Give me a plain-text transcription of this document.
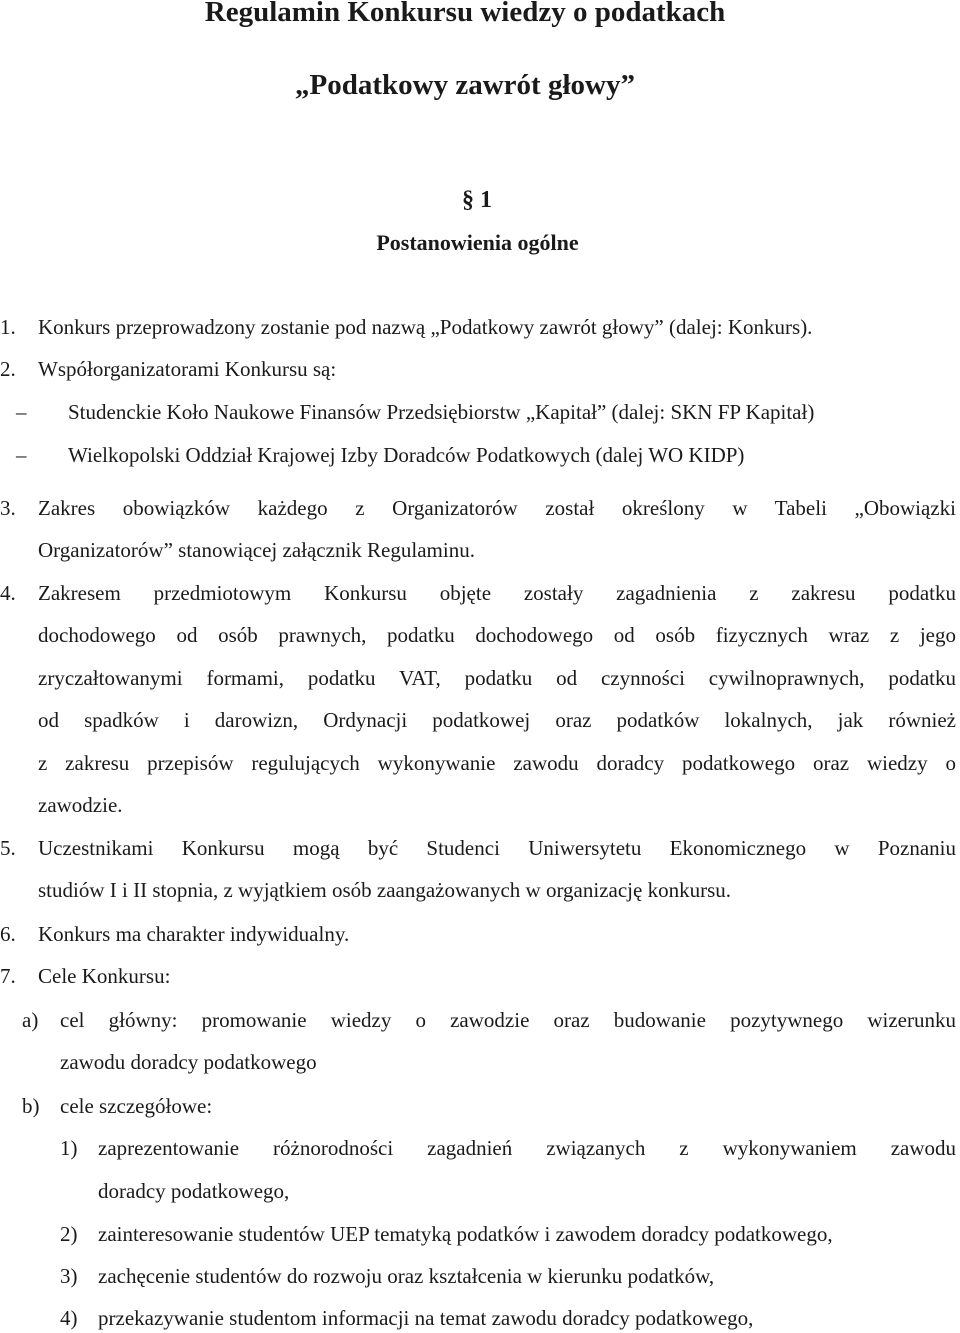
Regulamin Konkursu wiedzy o podatkach
„Podatkowy zawrót głowy”
§ 1
Postanowienia ogólne
1. Konkurs przeprowadzony zostanie pod nazwą „Podatkowy zawrót głowy” (dalej: Konkurs).
2. Współorganizatorami Konkursu są:
– Studenckie Koło Naukowe Finansów Przedsiębiorstw „Kapitał” (dalej: SKN FP Kapitał)
– Wielkopolski Oddział Krajowej Izby Doradców Podatkowych (dalej WO KIDP)
3. Zakres obowiązków każdego z Organizatorów został określony w Tabeli „Obowiązki
Organizatorów” stanowiącej załącznik Regulaminu.
4. Zakresem przedmiotowym Konkursu objęte zostały zagadnienia z zakresu podatku
dochodowego od osób prawnych, podatku dochodowego od osób fizycznych wraz z jego
zryczałtowanymi formami, podatku VAT, podatku od czynności cywilnoprawnych, podatku
od spadków i darowizn, Ordynacji podatkowej oraz podatków lokalnych, jak również
z zakresu przepisów regulujących wykonywanie zawodu doradcy podatkowego oraz wiedzy o
zawodzie.
5. Uczestnikami Konkursu mogą być Studenci Uniwersytetu Ekonomicznego w Poznaniu
studiów I i II stopnia, z wyjątkiem osób zaangażowanych w organizację konkursu.
6. Konkurs ma charakter indywidualny.
7. Cele Konkursu:
a) cel główny: promowanie wiedzy o zawodzie oraz budowanie pozytywnego wizerunku
zawodu doradcy podatkowego
b) cele szczegółowe:
1) zaprezentowanie różnorodności zagadnień związanych z wykonywaniem zawodu
doradcy podatkowego,
2) zainteresowanie studentów UEP tematyką podatków i zawodem doradcy podatkowego,
3) zachęcenie studentów do rozwoju oraz kształcenia w kierunku podatków,
4) przekazywanie studentom informacji na temat zawodu doradcy podatkowego,
